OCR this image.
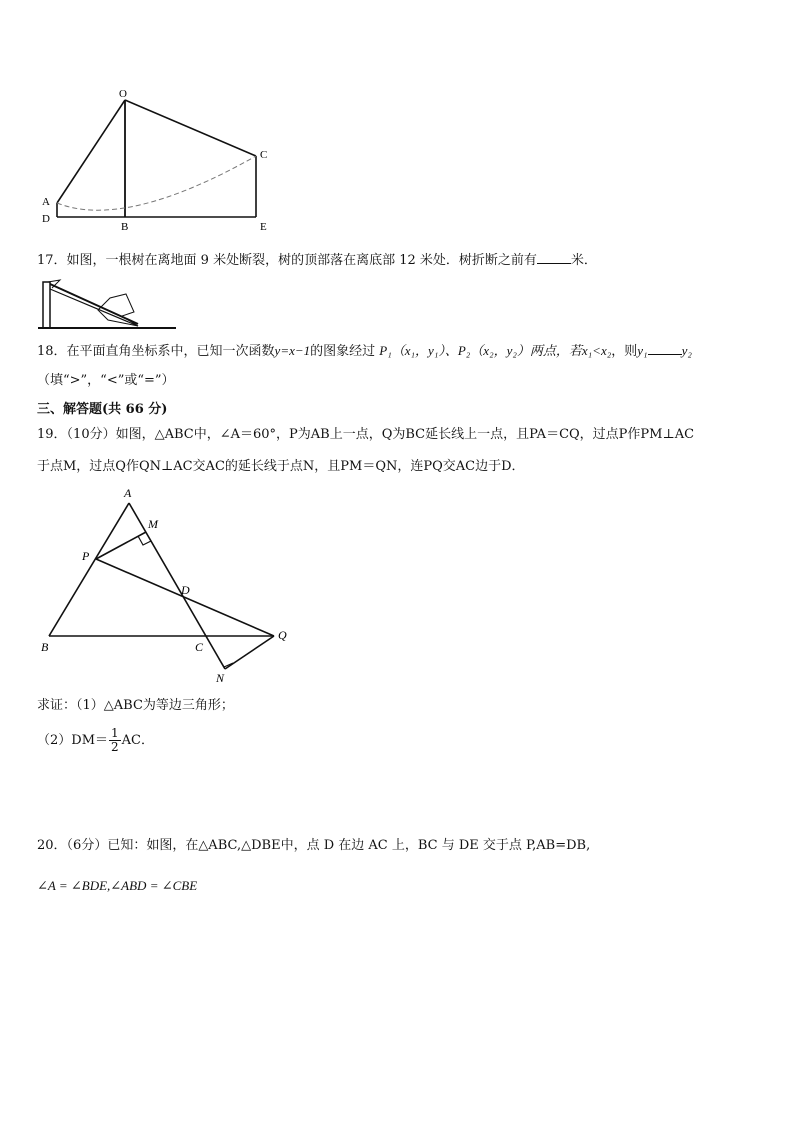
O
C
A
D
B	E
17．如图，一根树在离地面 9 米处断裂，树的顶部落在离底部 12 米处．树折断之前有	米．
18．在平面直角坐标系中，已知一次函数y=x−1的图象经过 P₁（x₁，y₁）、P₂（x₂，y₂）两点，若x₁<x₂，则y₁	y₂
（填“>”，“<”或“=”）
三、解答题(共 66 分)
19．（10分）如图，△ABC中，∠A＝60°，P为AB上一点，Q为BC延长线上一点，且PA＝CQ，过点P作PM⊥AC
于点M，过点Q作QN⊥AC交AC的延长线于点N，且PM＝QN，连PQ交AC边于D．
A
M
P
D
B	C
Q
N
求证：（1）△ABC为等边三角形；
$(2)DM= \frac{1}{2}$ AC．
20．（6分）已知：如图，在△ABC,△DBE中，点 D 在边 AC 上，BC 与 DE 交于点 P,AB=DB,
∠A = ∠BDE,∠ABD = ∠CBE
